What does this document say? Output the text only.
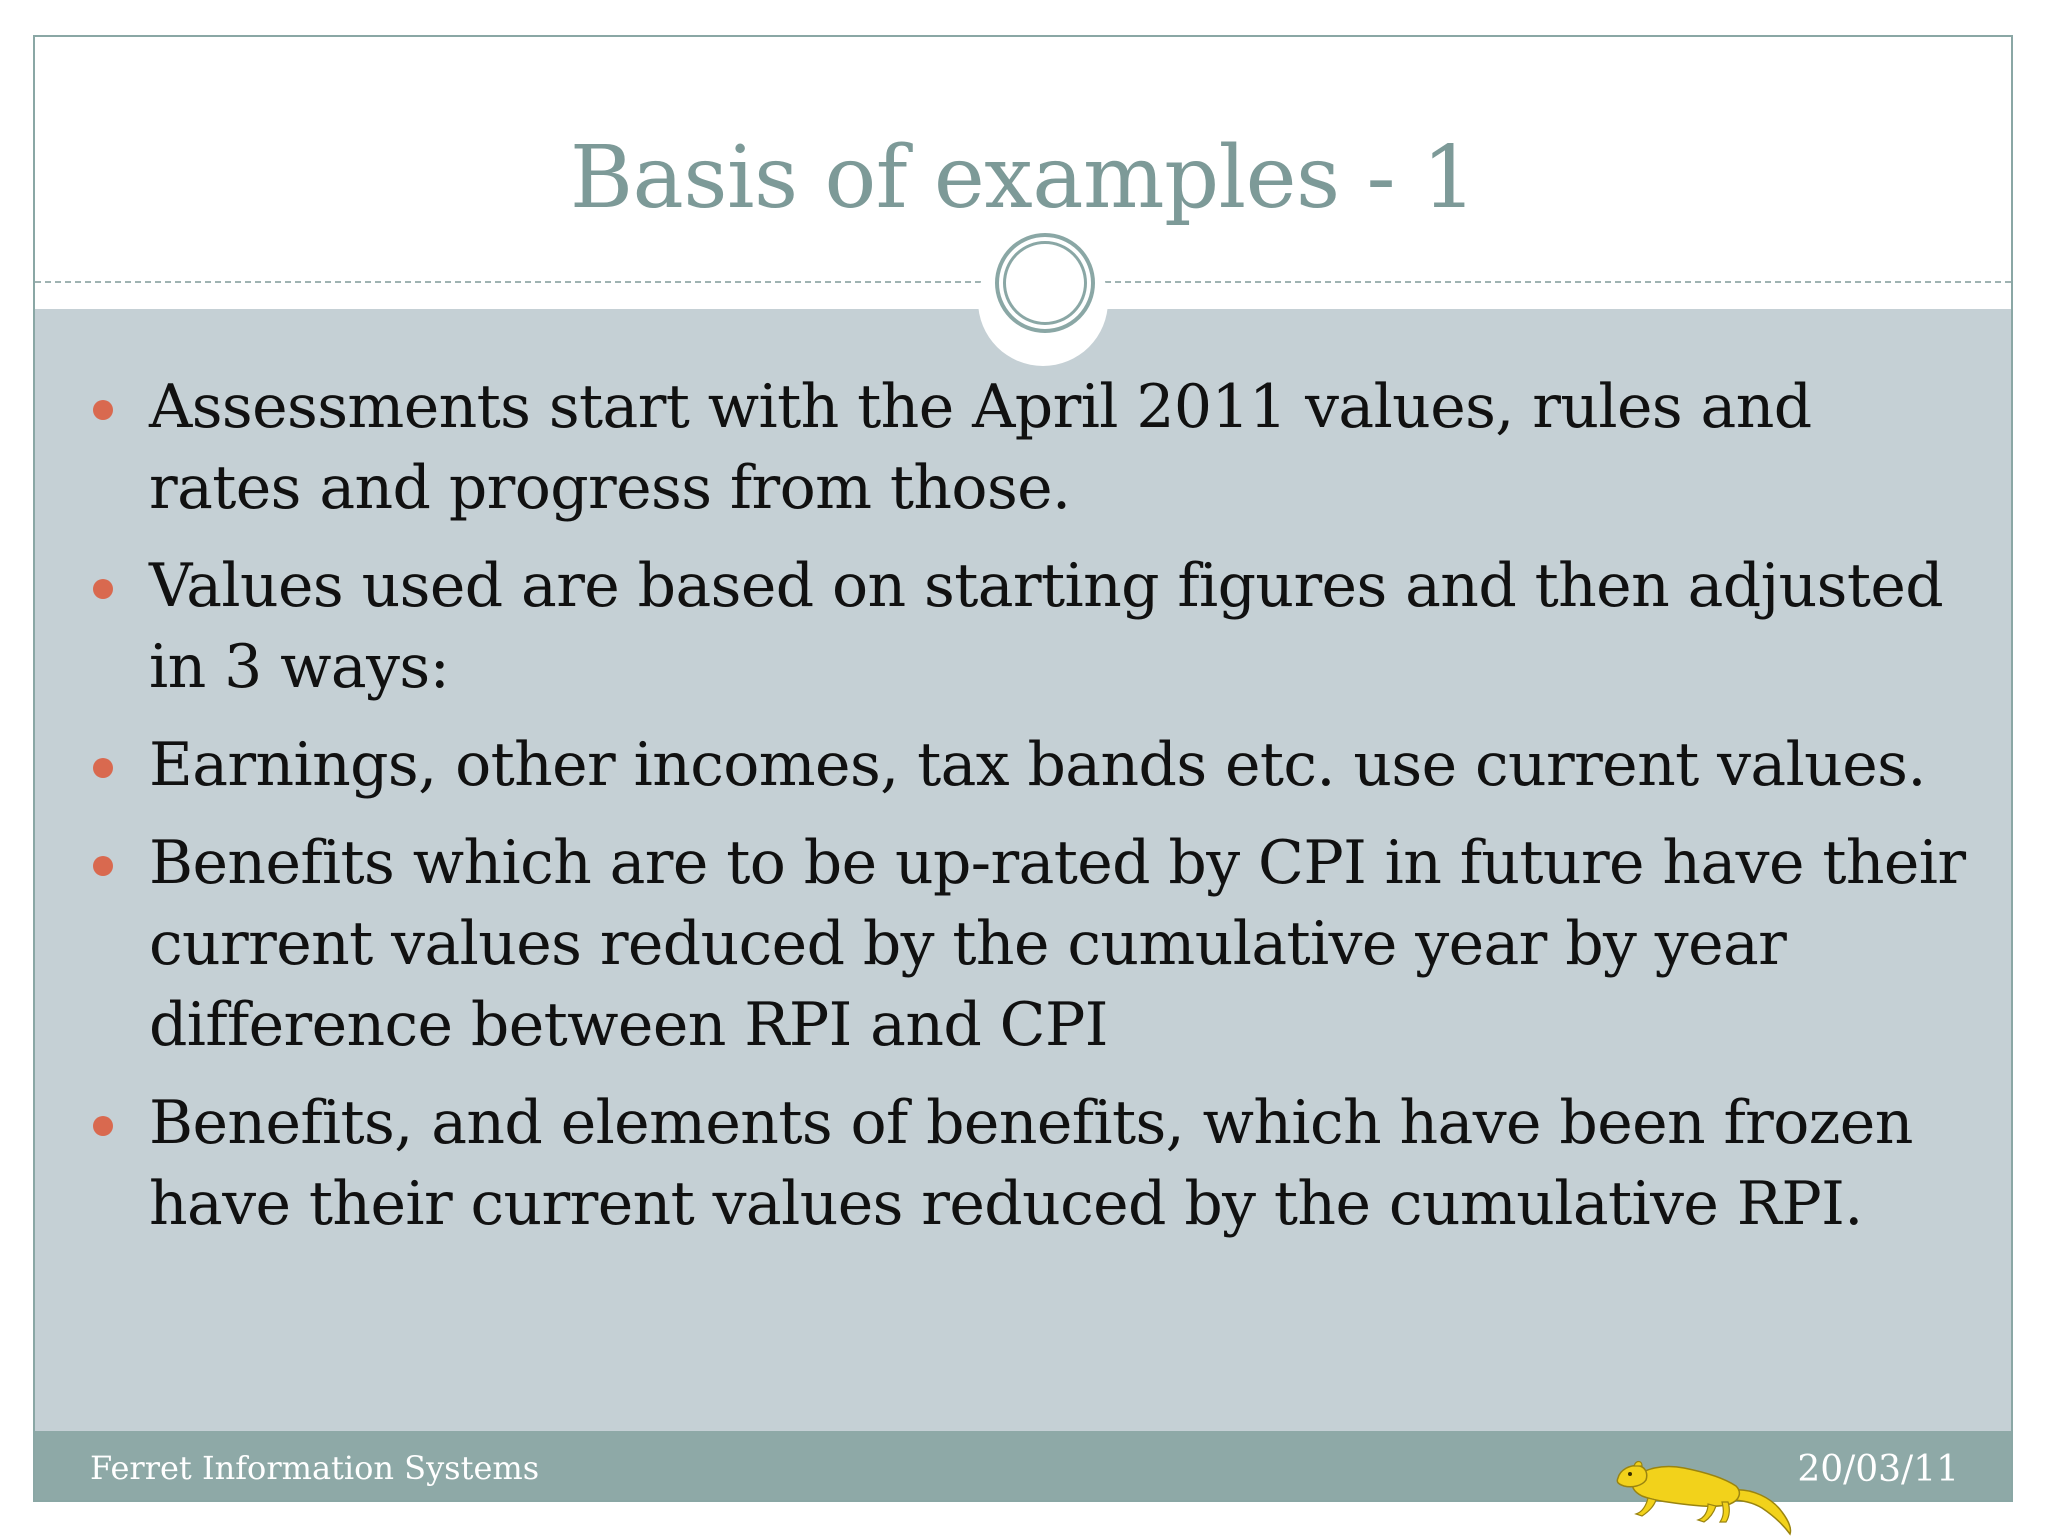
Basis of examples - 1
Assessments start with the April 2011 values, rules and rates and progress from those.
Values used are based on starting figures and then adjusted in 3 ways:
Earnings, other incomes, tax bands etc. use current values.
Benefits which are to be up-rated by CPI in future have their current values reduced by the cumulative year by year difference between RPI and CPI
Benefits, and elements of benefits, which have been frozen have their current values reduced by the cumulative RPI.
Ferret Information Systems	20/03/11
